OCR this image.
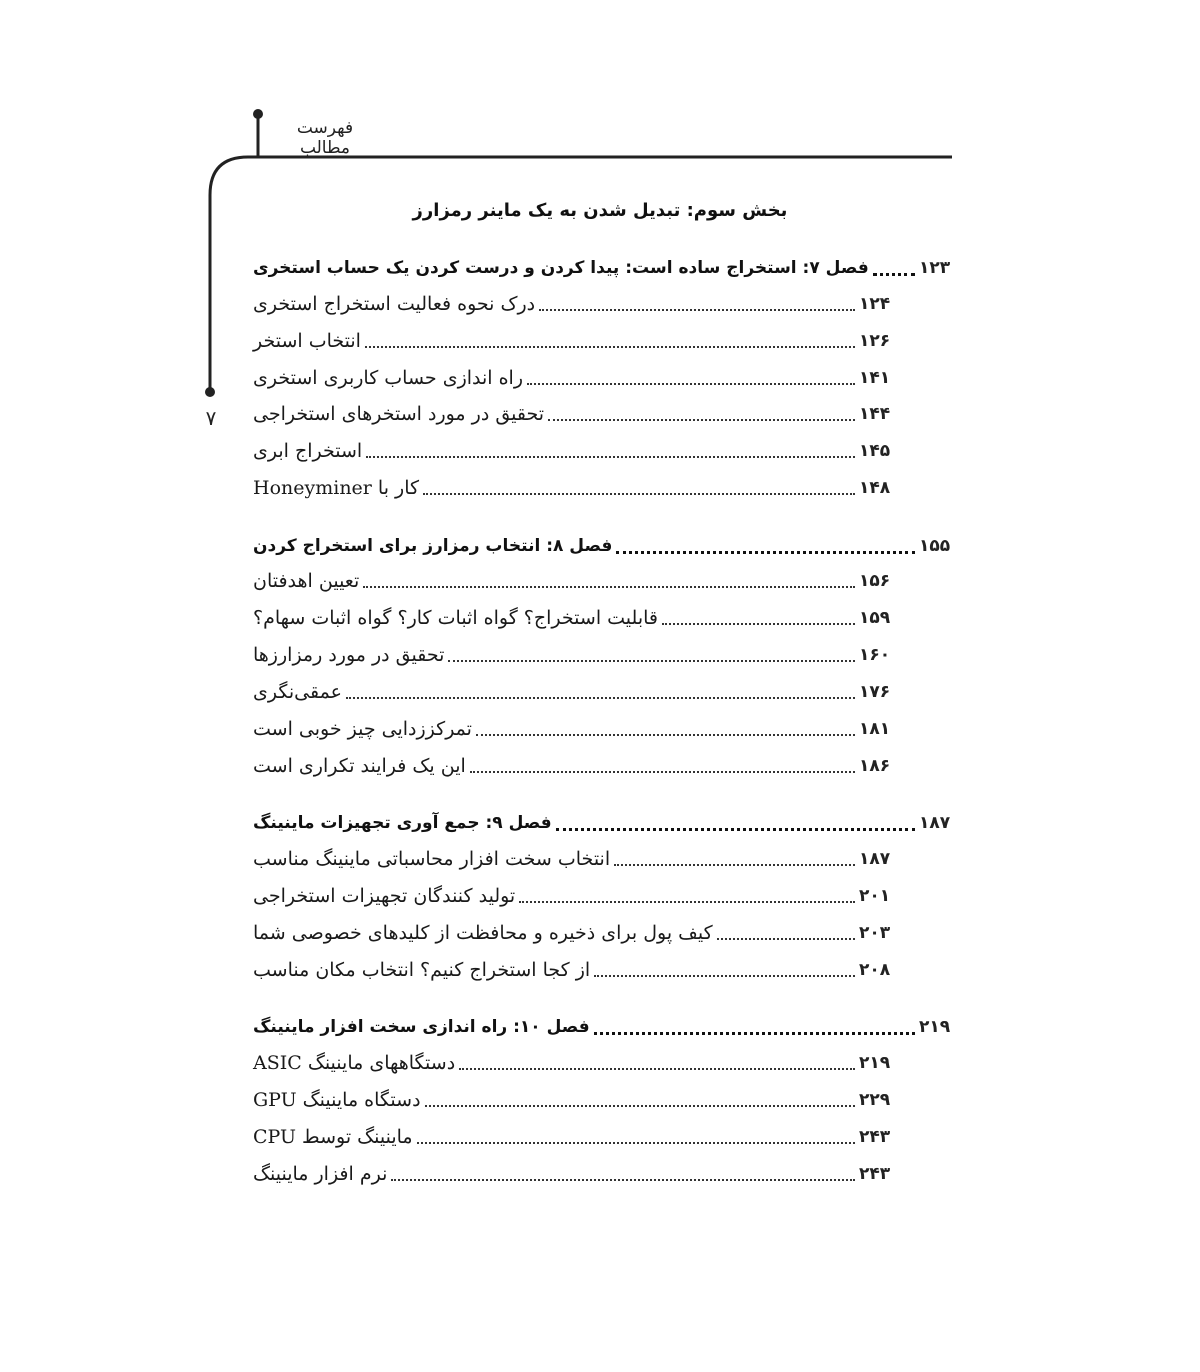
فهرست مطالب
۷
بخش سوم: تبدیل شدن به یک ماینر رمزارز
فصل ۷: استخراج ساده است: پیدا کردن و درست کردن یک حساب استخری	۱۲۳
درک نحوه فعالیت استخراج استخری	۱۲۴
انتخاب استخر	۱۲۶
راه اندازی حساب کاربری استخری	۱۴۱
تحقیق در مورد استخرهای استخراجی	۱۴۴
استخراج ابری	۱۴۵
کار با Honeyminer	۱۴۸
فصل ۸: انتخاب رمزارز برای استخراج کردن	۱۵۵
تعیین اهدفتان	۱۵۶
قابلیت استخراج؟ گواه اثبات کار؟ گواه اثبات سهام؟	۱۵۹
تحقیق در مورد رمزارزها	۱۶۰
عمقی‌نگری	۱۷۶
تمرکززدایی چیز خوبی است	۱۸۱
این یک فرایند تکراری است	۱۸۶
فصل ۹: جمع آوری تجهیزات ماینینگ	۱۸۷
انتخاب سخت افزار محاسباتی ماینینگ مناسب	۱۸۷
تولید کنندگان تجهیزات استخراجی	۲۰۱
کیف پول برای ذخیره و محافظت از کلیدهای خصوصی شما	۲۰۳
از کجا استخراج کنیم؟ انتخاب مکان مناسب	۲۰۸
فصل ۱۰: راه اندازی سخت افزار ماینینگ	۲۱۹
دستگاههای ماینینگ ASIC	۲۱۹
دستگاه ماینینگ GPU	۲۲۹
ماینینگ توسط CPU	۲۴۳
نرم افزار ماینینگ	۲۴۳
